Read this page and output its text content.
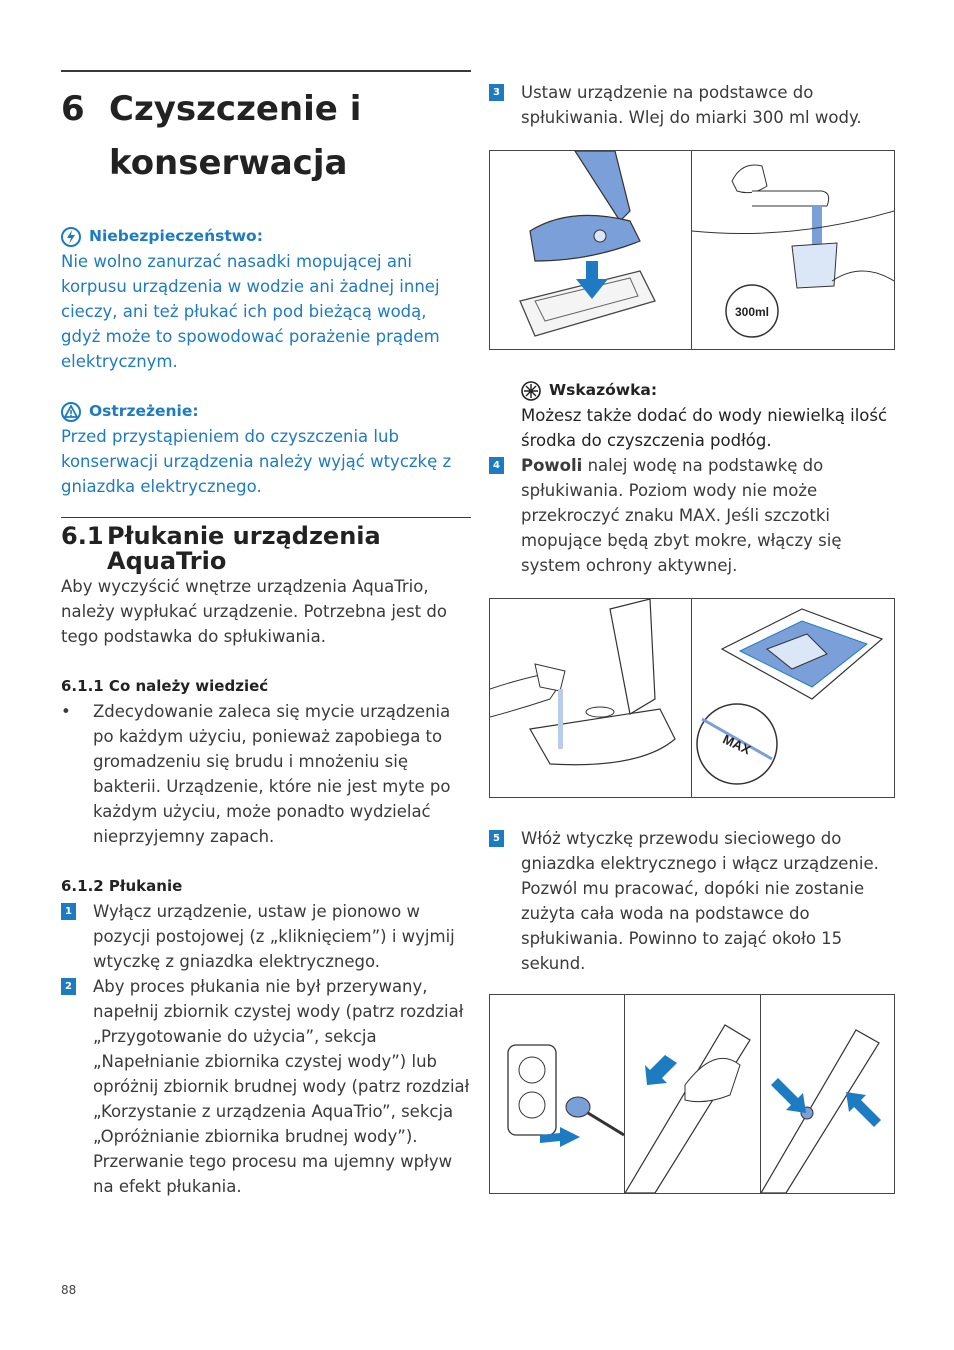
6 Czyszczenie i
konserwacja
Niebezpieczeństwo:

Nie wolno zanurzać nasadki mopującej ani korpusu urządzenia w wodzie ani żadnej innej cieczy, ani też płukać ich pod bieżącą wodą, gdyż może to spowodować porażenie prądem elektrycznym.

Ostrzeżenie:

Przed przystąpieniem do czyszczenia lub konserwacji urządzenia należy wyjąć wtyczkę z gniazdka elektrycznego.

6.1 Płukanie urządzenia
AquaTrio

Aby wyczyścić wnętrze urządzenia AquaTrio, należy wypłukać urządzenie. Potrzebna jest do tego podstawka do spłukiwania.

6.1.1 Co należy wiedzieć
•	Zdecydowanie zaleca się mycie urządzenia po każdym użyciu, ponieważ zapobiega to gromadzeniu się brudu i mnożeniu się bakterii. Urządzenie, które nie jest myte po każdym użyciu, może ponadto wydzielać nieprzyjemny zapach.

6.1.2 Płukanie
1 Wyłącz urządzenie, ustaw je pionowo w pozycji postojowej (z „kliknięciem”) i wyjmij wtyczkę z gniazdka elektrycznego.

2 Aby proces płukania nie był przerywany, napełnij zbiornik czystej wody (patrz rozdział „Przygotowanie do użycia”, sekcja „Napełnianie zbiornika czystej wody”) lub opróżnij zbiornik brudnej wody (patrz rozdział „Korzystanie z urządzenia AquaTrio”, sekcja „Opróżnianie zbiornika brudnej wody”). Przerwanie tego procesu ma ujemny wpływ na efekt płukania.

3 Ustaw urządzenie na podstawce do spłukiwania. Wlej do miarki 300 ml wody.

300ml
Wskazówka:

Możesz także dodać do wody niewielką ilość środka do czyszczenia podłóg.

4 Powoli nalej wodę na podstawkę do spłukiwania. Poziom wody nie może przekroczyć znaku MAX. Jeśli szczotki mopujące będą zbyt mokre, włączy się system ochrony aktywnej.

MAX
5 Włóż wtyczkę przewodu sieciowego do gniazdka elektrycznego i włącz urządzenie. Pozwól mu pracować, dopóki nie zostanie zużyta cała woda na podstawce do spłukiwania. Powinno to zająć około 15 sekund.

88
